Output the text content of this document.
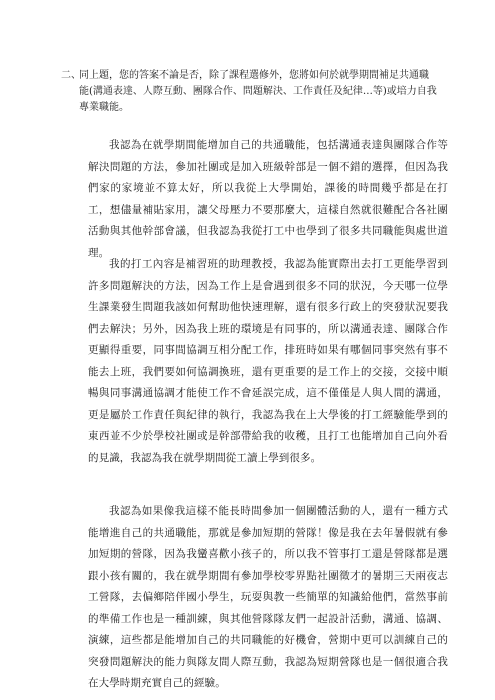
二、

同上題，您的答案不論是否，除了課程選修外，您將如何於就學期間補足共通職能(溝通表達、人際互動、團隊合作、問題解決、工作責任及紀律…等)或培力自我專業職能。

我認為在就學期間能增加自己的共通職能，包括溝通表達與團隊合作等解決問題的方法，參加社團或是加入班級幹部是一個不錯的選擇，但因為我們家的家境並不算太好，所以我從上大學開始，課後的時間幾乎都是在打工，想儘量補貼家用，讓父母壓力不要那麼大，這樣自然就很難配合各社團活動與其他幹部會議，但我認為我從打工中也學到了很多共同職能與處世道理。

我的打工內容是補習班的助理教授，我認為能實際出去打工更能學習到許多問題解決的方法，因為工作上是會遇到很多不同的狀況，今天哪一位學生課業發生問題我該如何幫助他快速理解，還有很多行政上的突發狀況要我們去解決；另外，因為我上班的環境是有同事的，所以溝通表達、團隊合作更顯得重要，同事間協調互相分配工作，排班時如果有哪個同事突然有事不能去上班，我們要如何協調換班，還有更重要的是工作上的交接，交接中順暢與同事溝通協調才能使工作不會延誤完成，這不僅僅是人與人間的溝通，更是屬於工作責任與紀律的執行，我認為我在上大學後的打工經驗能學到的東西並不少於學校社團或是幹部帶給我的收穫，且打工也能增加自己向外看的見識，我認為我在就學期間從工讀上學到很多。

我認為如果像我這樣不能長時間參加一個團體活動的人，還有一種方式能增進自己的共通職能，那就是參加短期的營隊！像是我在去年暑假就有參加短期的營隊，因為我蠻喜歡小孩子的，所以我不管事打工還是營隊都是選跟小孩有關的，我在就學期間有參加學校零界點社團徵才的暑期三天兩夜志工營隊，去偏鄉陪伴國小學生，玩耍與教一些簡單的知識給他們，當然事前的準備工作也是一種訓練，與其他營隊隊友們一起設計活動，溝通、協調、演練，這些都是能增加自己的共同職能的好機會，營期中更可以訓練自己的突發問題解決的能力與隊友間人際互動，我認為短期營隊也是一個很適合我在大學時期充實自己的經驗。
